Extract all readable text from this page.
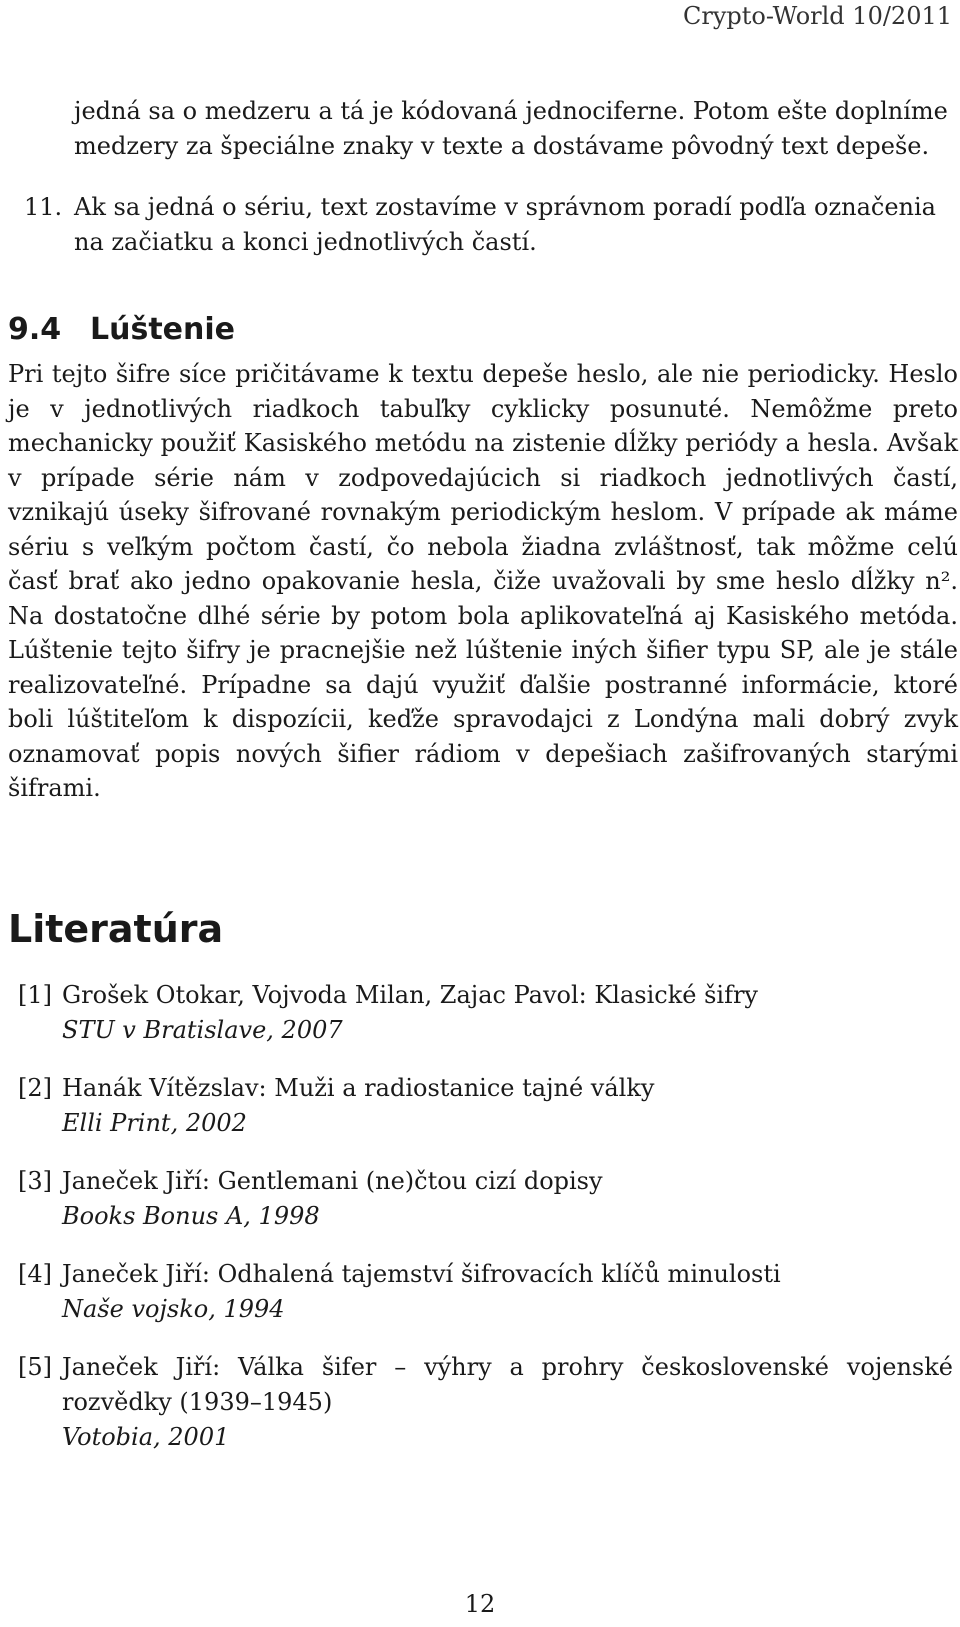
Crypto-World 10/2011

jedná sa o medzeru a tá je kódovaná jednociferne. Potom ešte doplníme medzery za špeciálne znaky v texte a dostávame pôvodný text depeše.

11. Ak sa jedná o sériu, text zostavíme v správnom poradí podľa označenia na začiatku a konci jednotlivých častí.

9.4 Lúštenie

Pri tejto šifre síce pričitávame k textu depeše heslo, ale nie periodicky. Heslo je v jednotlivých riadkoch tabuľky cyklicky posunuté. Nemôžme preto mechanicky použiť Kasiského metódu na zistenie dĺžky periódy a hesla. Avšak v prípade série nám v zodpovedajúcich si riadkoch jednotlivých častí, vznikajú úseky šifrované rovnakým periodickým heslom. V prípade ak máme sériu s veľkým počtom častí, čo nebola žiadna zvláštnosť, tak môžme celú časť brať ako jedno opakovanie hesla, čiže uvažovali by sme heslo dĺžky n². Na dostatočne dlhé série by potom bola aplikovateľná aj Kasiského metóda. Lúštenie tejto šifry je pracnejšie než lúštenie iných šifier typu SP, ale je stále realizovateľné. Prípadne sa dajú využiť ďalšie postranné informácie, ktoré boli lúštiteľom k dispozícii, keďže spravodajci z Londýna mali dobrý zvyk oznamovať popis nových šifier rádiom v depešiach zašifrovaných starými šiframi.

Literatúra
[1] Grošek Otokar, Vojvoda Milan, Zajac Pavol: Klasické šifry
STU v Bratislave, 2007
[2] Hanák Vítězslav: Muži a radiostanice tajné války
Elli Print, 2002
[3] Janeček Jiří: Gentlemani (ne)čtou cizí dopisy
Books Bonus A, 1998
[4] Janeček Jiří: Odhalená tajemství šifrovacích klíčů minulosti
Naše vojsko, 1994
[5] Janeček Jiří: Válka šifer – výhry a prohry československé vojenské rozvědky (1939–1945)
Votobia, 2001
12
